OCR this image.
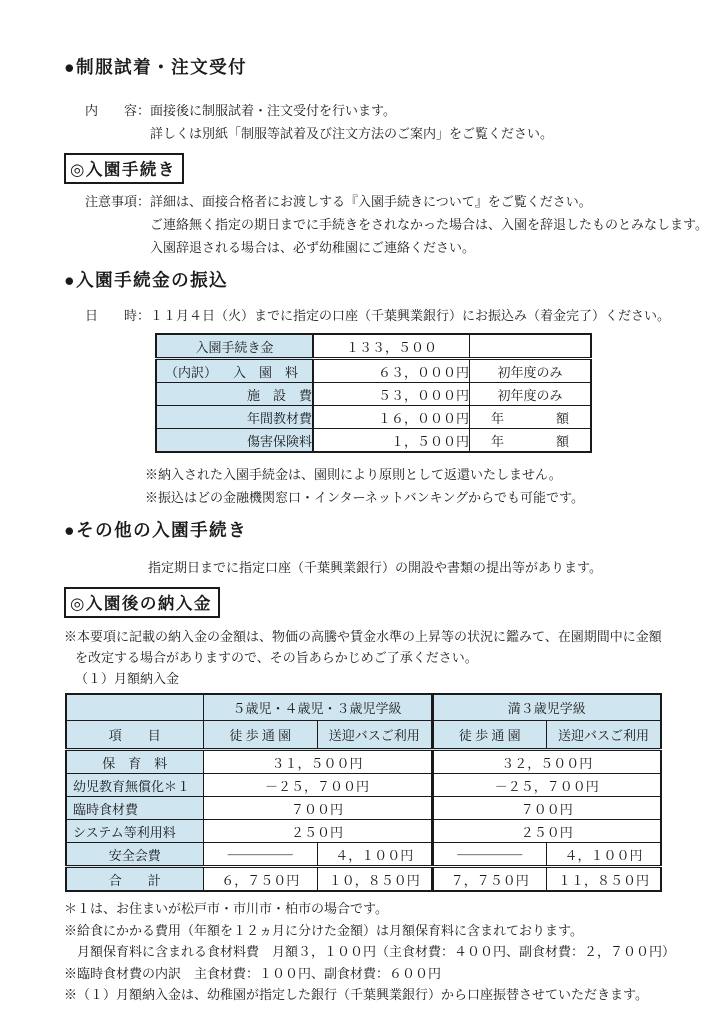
●制服試着・注文受付
内　　容： 面接後に制服試着・注文受付を行います。
詳しくは別紙「制服等試着及び注文方法のご案内」をご覧ください。
◎入園手続き
注意事項： 詳細は、面接合格者にお渡しする『入園手続きについて』をご覧ください。
ご連絡無く指定の期日までに手続きをされなかった場合は、入園を辞退したものとみなします。
入園辞退される場合は、必ず幼稚園にご連絡ください。
●入園手続金の振込
日　　時： １１月４日（火）までに指定の口座（千葉興業銀行）にお振込み（着金完了）ください。
入園手続き金	１３３，５００	

（内訳） 入　園　料	６３，０００円	初年度のみ
施　設　費	５３，０００円	初年度のみ
年間教材費	１６，０００円	年　　　　額
傷害保険料	１，５００円	年　　　　額
※納入された入園手続金は、園則により原則として返還いたしません。
※振込はどの金融機関窓口・インターネットバンキングからでも可能です。
●その他の入園手続き
指定期日までに指定口座（千葉興業銀行）の開設や書類の提出等があります。
◎入園後の納入金
※本要項に記載の納入金の金額は、物価の高騰や賃金水準の上昇等の状況に鑑みて、在園期間中に金額
を改定する場合がありますので、その旨あらかじめご了承ください。
（１）月額納入金
	５歳児・４歳児・３歳児学級		満３歳児学級	
項　　目	徒 歩 通 園	送迎バスご利用	徒 歩 通 園	送迎バスご利用
保　育　料	３１，５００円		３２，５００円	
幼児教育無償化＊１	－２５，７００円		－２５，７００円	
臨時食材費	７００円		７００円	
システム等利用料	２５０円		２５０円	
安全会費	―――――	４，１００円	―――――	４，１００円
合　　計	６，７５０円	１０，８５０円	７，７５０円	１１，８５０円
＊１は、お住まいが松戸市・市川市・柏市の場合です。
※給食にかかる費用（年額を１２ヵ月に分けた金額）は月額保育料に含まれております。
　月額保育料に含まれる食材料費　月額３，１００円（主食材費：４００円、副食材費：２，７００円）
※臨時食材費の内訳　主食材費：１００円、副食材費：６００円
※（１）月額納入金は、幼稚園が指定した銀行（千葉興業銀行）から口座振替させていただきます。
